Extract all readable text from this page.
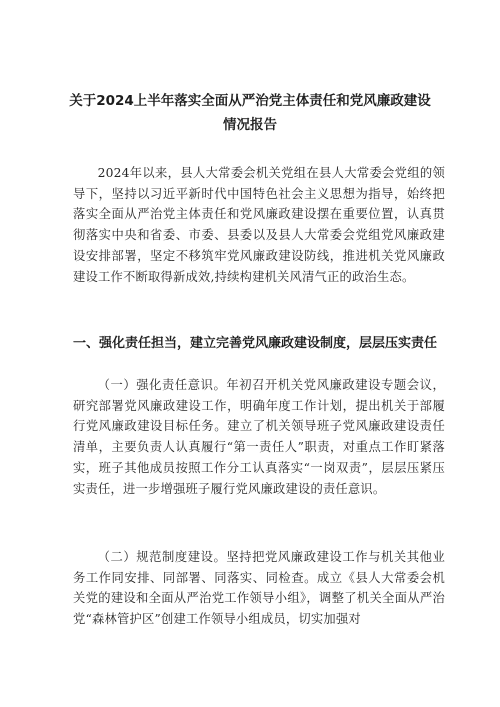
关于2024上半年落实全面从严治党主体责任和党风廉政建设
情况报告

2024年以来，县人大常委会机关党组在县人大常委会党组的领导下，坚持以习近平新时代中国特色社会主义思想为指导，始终把落实全面从严治党主体责任和党风廉政建设摆在重要位置，认真贯彻落实中央和省委、市委、县委以及县人大常委会党组党风廉政建设安排部署，坚定不移筑牢党风廉政建设防线，推进机关党风廉政建设工作不断取得新成效,持续构建机关风清气正的政治生态。

一、强化责任担当，建立完善党风廉政建设制度，层层压实责任

（一）强化责任意识。年初召开机关党风廉政建设专题会议，研究部署党风廉政建设工作，明确年度工作计划，提出机关于部履行党风廉政建设目标任务。建立了机关领导班子党风廉政建设责任清单，主要负责人认真履行“第一责任人”职责，对重点工作盯紧落实，班子其他成员按照工作分工认真落实“一岗双责”，层层压紧压实责任，进一步增强班子履行党风廉政建设的责任意识。

（二）规范制度建设。坚持把党风廉政建设工作与机关其他业务工作同安排、同部署、同落实、同检查。成立《县人大常委会机关党的建设和全面从严治党工作领导小组》，调整了机关全面从严治党“森林管护区”创建工作领导小组成员，切实加强对
